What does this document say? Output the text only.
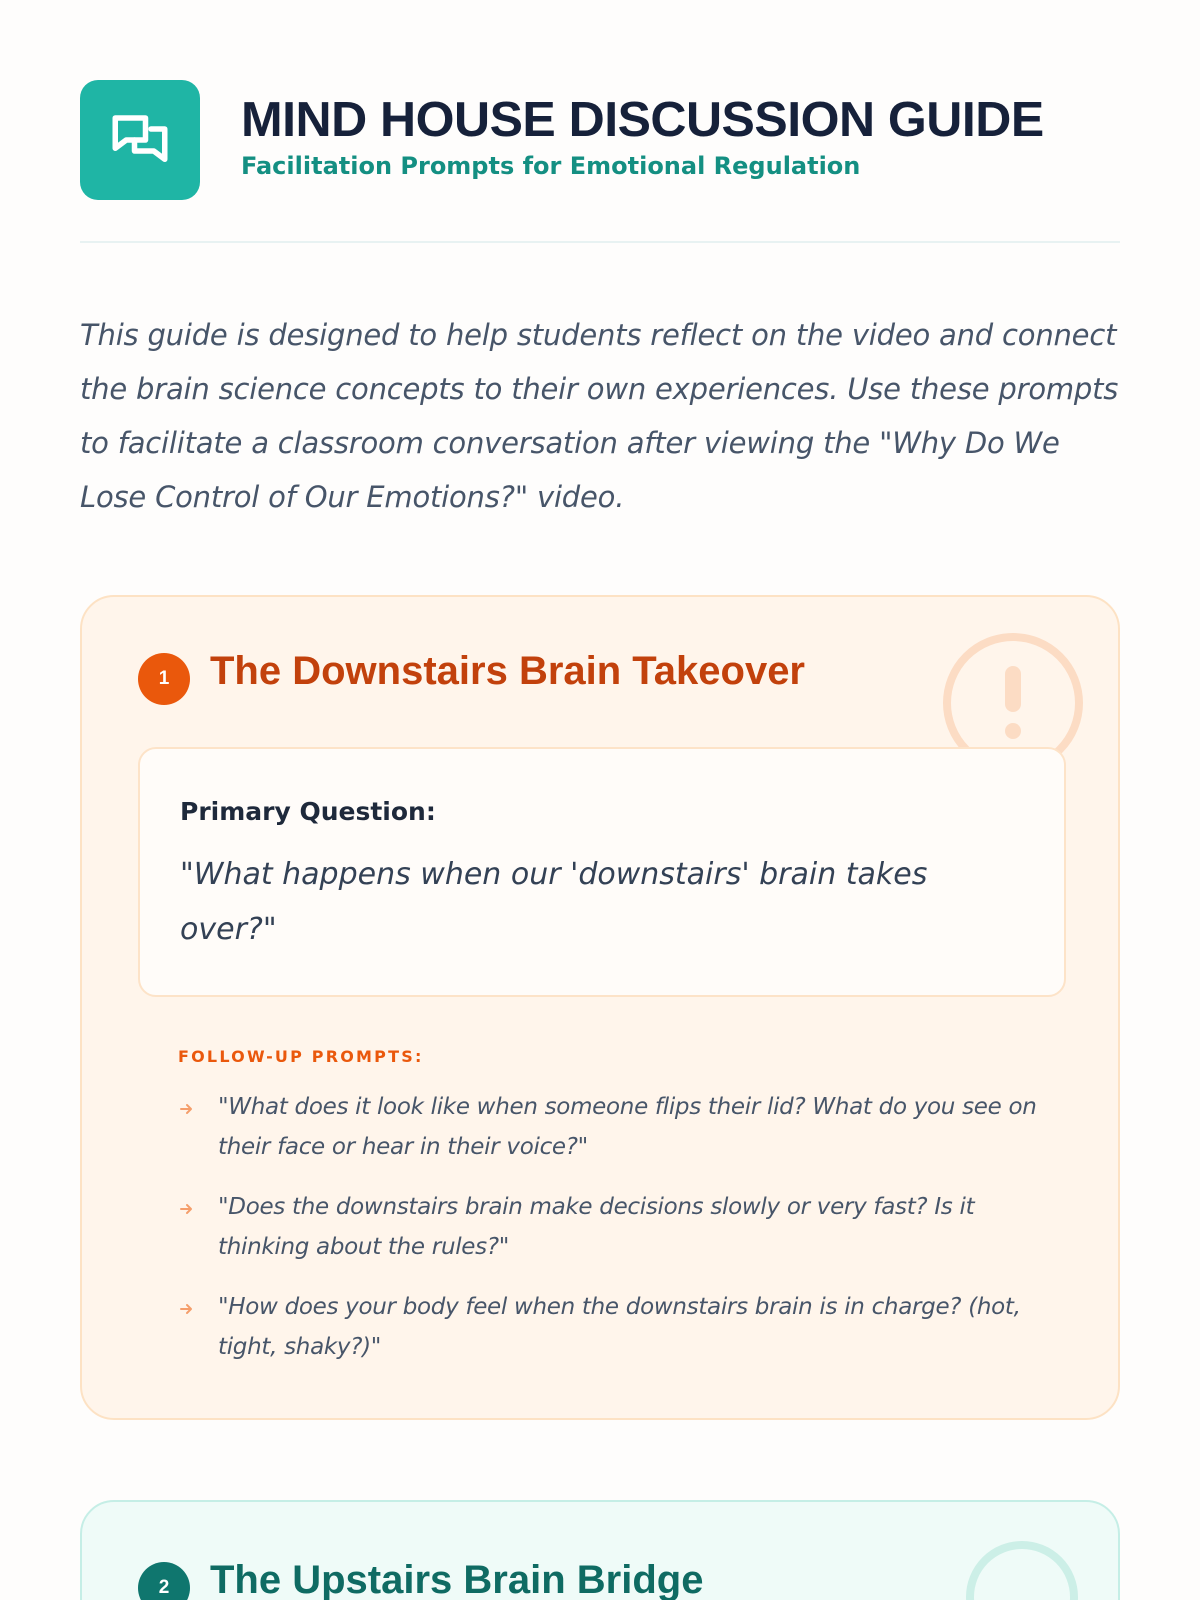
MIND HOUSE DISCUSSION GUIDE
Facilitation Prompts for Emotional Regulation

This guide is designed to help students reflect on the video and connect the brain science concepts to their own experiences. Use these prompts to facilitate a classroom conversation after viewing the "Why Do We Lose Control of Our Emotions?" video.

1	The Downstairs Brain Takeover
Primary Question:
"What happens when our 'downstairs' brain takes over?"
FOLLOW-UP PROMPTS:
"What does it look like when someone flips their lid? What do you see on their face or hear in their voice?"
"Does the downstairs brain make decisions slowly or very fast? Is it thinking about the rules?"
"How does your body feel when the downstairs brain is in charge? (hot, tight, shaky?)"
2	The Upstairs Brain Bridge
